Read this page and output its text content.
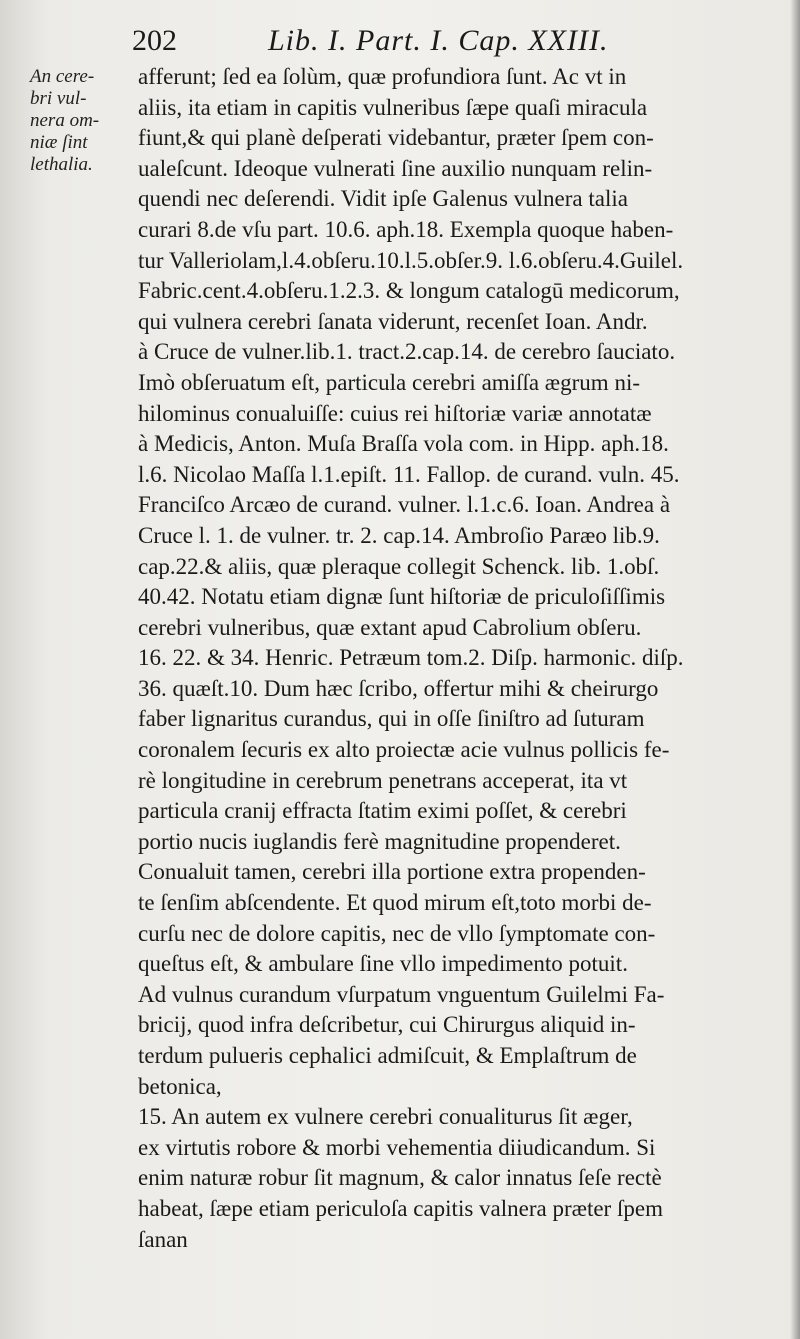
202	Lib. I. Part. I. Cap. XXIII.
An cere-
bri vul-
nera om-
niæ ſint
lethalia.
afferunt; ſed ea ſolùm, quæ profundiora ſunt. Ac vt in
aliis, ita etiam in capitis vulneribus ſæpe quaſi miracula
fiunt,& qui planè deſperati videbantur, præter ſpem con-
ualeſcunt. Ideoque vulnerati ſine auxilio nunquam relin-
quendi nec deſerendi. Vidit ipſe Galenus vulnera talia
curari 8.de vſu part. 10.6. aph.18. Exempla quoque haben-
tur Valleriolam,l.4.obſeru.10.l.5.obſer.9. l.6.obſeru.4.Guilel.
Fabric.cent.4.obſeru.1.2.3. & longum catalogū medicorum,
qui vulnera cerebri ſanata viderunt, recenſet Ioan. Andr.
à Cruce de vulner.lib.1. tract.2.cap.14. de cerebro ſauciato.
Imò obſeruatum eſt, particula cerebri amiſſa ægrum ni-
hilominus conualuiſſe: cuius rei hiſtoriæ variæ annotatæ
à Medicis, Anton. Muſa Braſſa vola com. in Hipp. aph.18.
l.6. Nicolao Maſſa l.1.epiſt. 11. Fallop. de curand. vuln. 45.
Franciſco Arcæo de curand. vulner. l.1.c.6. Ioan. Andrea à
Cruce l. 1. de vulner. tr. 2. cap.14. Ambroſio Paræo lib.9.
cap.22.& aliis, quæ pleraque collegit Schenck. lib. 1.obſ.
40.42. Notatu etiam dignæ ſunt hiſtoriæ de priculoſiſſimis
cerebri vulneribus, quæ extant apud Cabrolium obſeru.
16. 22. & 34. Henric. Petræum tom.2. Diſp. harmonic. diſp.
36. quæſt.10. Dum hæc ſcribo, offertur mihi & cheirurgo
faber lignaritus curandus, qui in oſſe ſiniſtro ad ſuturam
coronalem ſecuris ex alto proiectæ acie vulnus pollicis fe-
rè longitudine in cerebrum penetrans acceperat, ita vt
particula cranij effracta ſtatim eximi poſſet, & cerebri
portio nucis iuglandis ferè magnitudine propenderet.
Conualuit tamen, cerebri illa portione extra propenden-
te ſenſim abſcendente. Et quod mirum eſt,toto morbi de-
curſu nec de dolore capitis, nec de vllo ſymptomate con-
queſtus eſt, & ambulare ſine vllo impedimento potuit.
Ad vulnus curandum vſurpatum vnguentum Guilelmi Fa-
bricij, quod infra deſcribetur, cui Chirurgus aliquid in-
terdum pulueris cephalici admiſcuit, & Emplaſtrum de
betonica,
15. An autem ex vulnere cerebri conualiturus ſit æger,
ex virtutis robore & morbi vehementia diiudicandum. Si
enim naturæ robur ſit magnum, & calor innatus ſeſe rectè
habeat, ſæpe etiam periculoſa capitis valnera præter ſpem
ſanan
